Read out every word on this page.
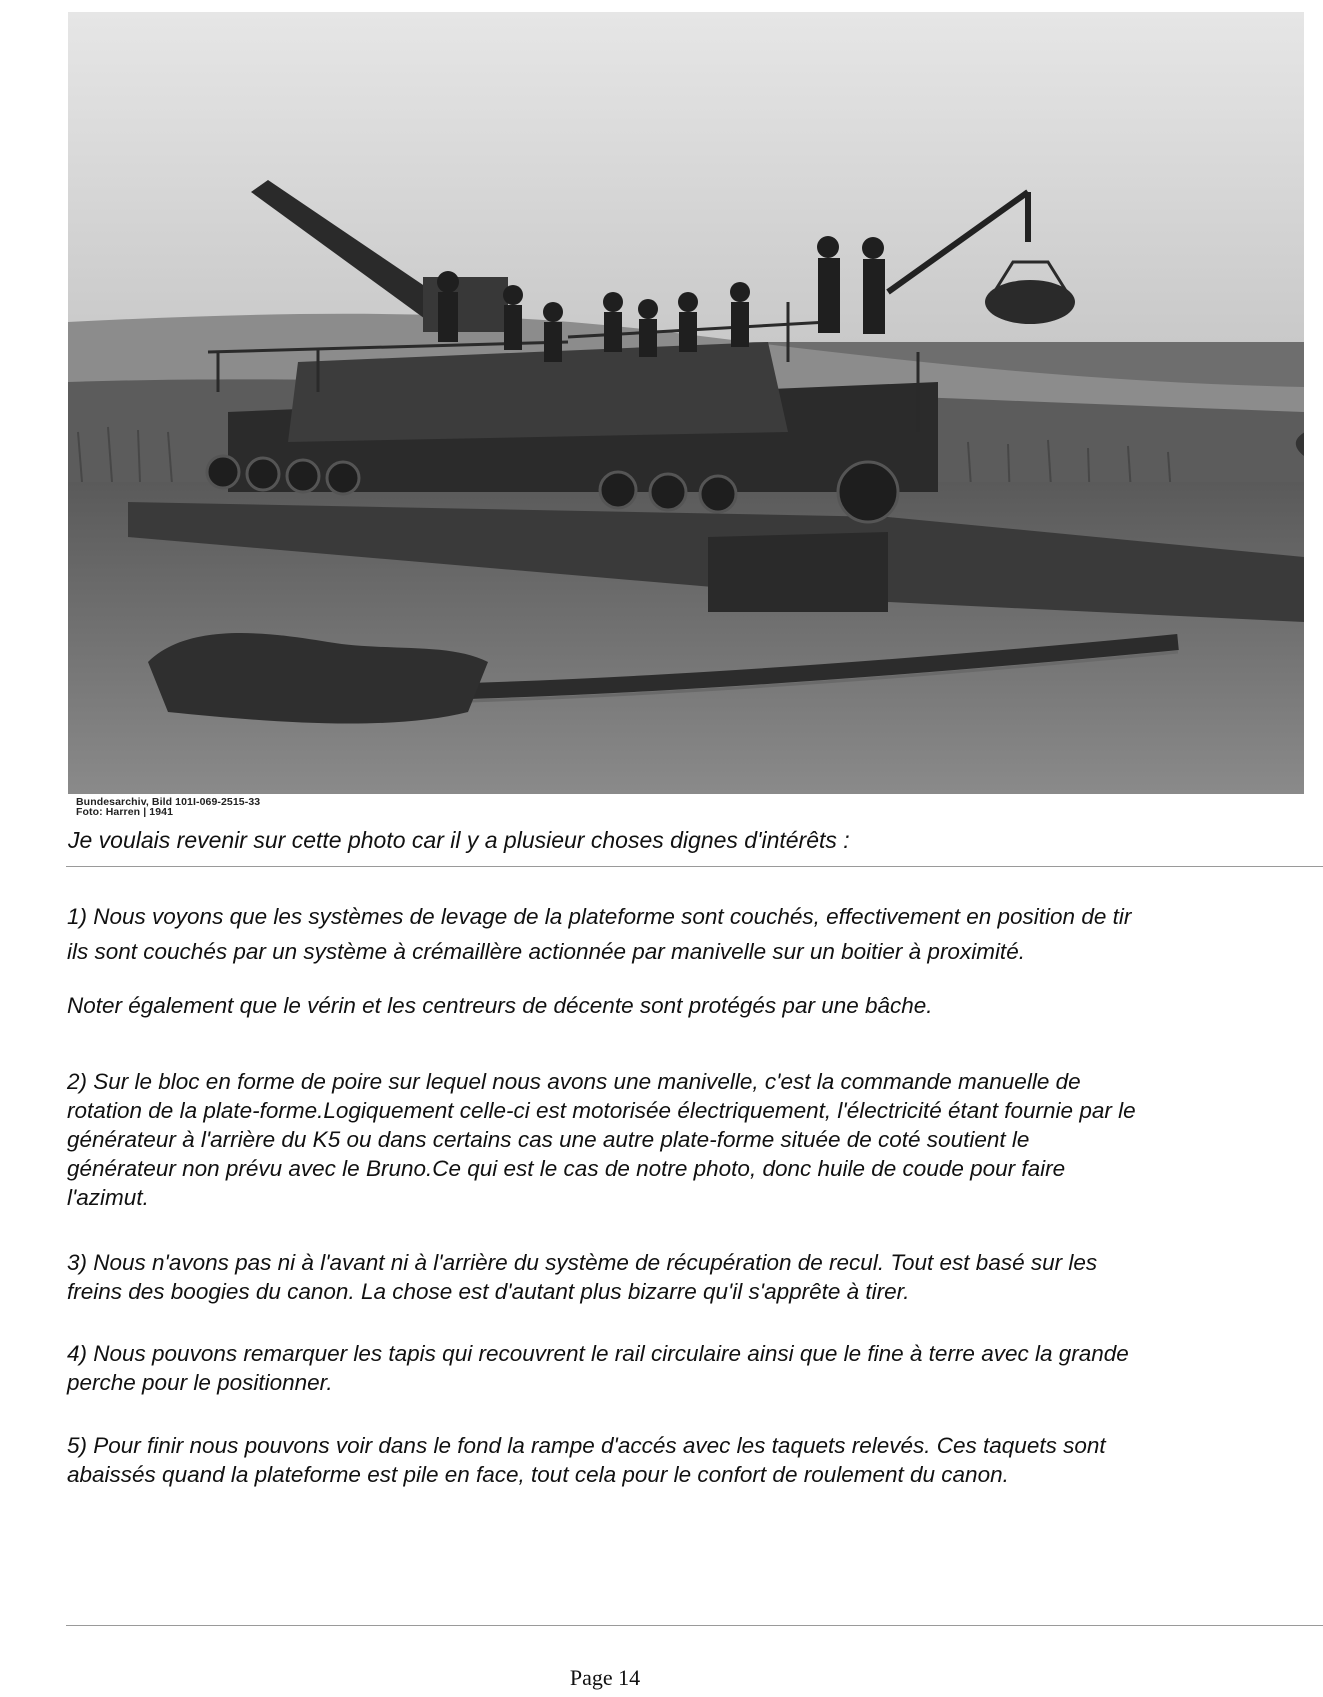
Bundesarchiv, Bild 101I-069-2515-33
Foto: Harren | 1941
Je voulais revenir sur cette photo car il y a plusieur choses dignes d'intérêts :
1) Nous voyons que les systèmes de levage de la plateforme sont couchés, effectivement en position de tir
ils sont couchés par un système à crémaillère actionnée par manivelle sur un boitier à proximité.
Noter également que le vérin et les centreurs de décente sont protégés par une bâche.
2) Sur le bloc en forme de poire sur lequel nous avons une manivelle, c'est la commande manuelle de
rotation de la plate-forme.Logiquement celle-ci est motorisée électriquement, l'électricité étant fournie par le
générateur à l'arrière du K5 ou dans certains cas une autre plate-forme située de coté soutient le
générateur non prévu avec le Bruno.Ce qui est le cas de notre photo, donc huile de coude pour faire
l'azimut.
3) Nous n'avons pas ni à l'avant ni à l'arrière du système de récupération de recul. Tout est basé sur les
freins des boogies du canon. La chose est d'autant plus bizarre qu'il s'apprête à tirer.
4) Nous pouvons remarquer les tapis qui recouvrent le rail circulaire ainsi que le fine à terre avec la grande
perche pour le positionner.
5) Pour finir nous pouvons voir dans le fond la rampe d'accés avec les taquets relevés. Ces taquets sont
abaissés quand la plateforme est pile en face, tout cela pour le confort de roulement du canon.
Page 14
